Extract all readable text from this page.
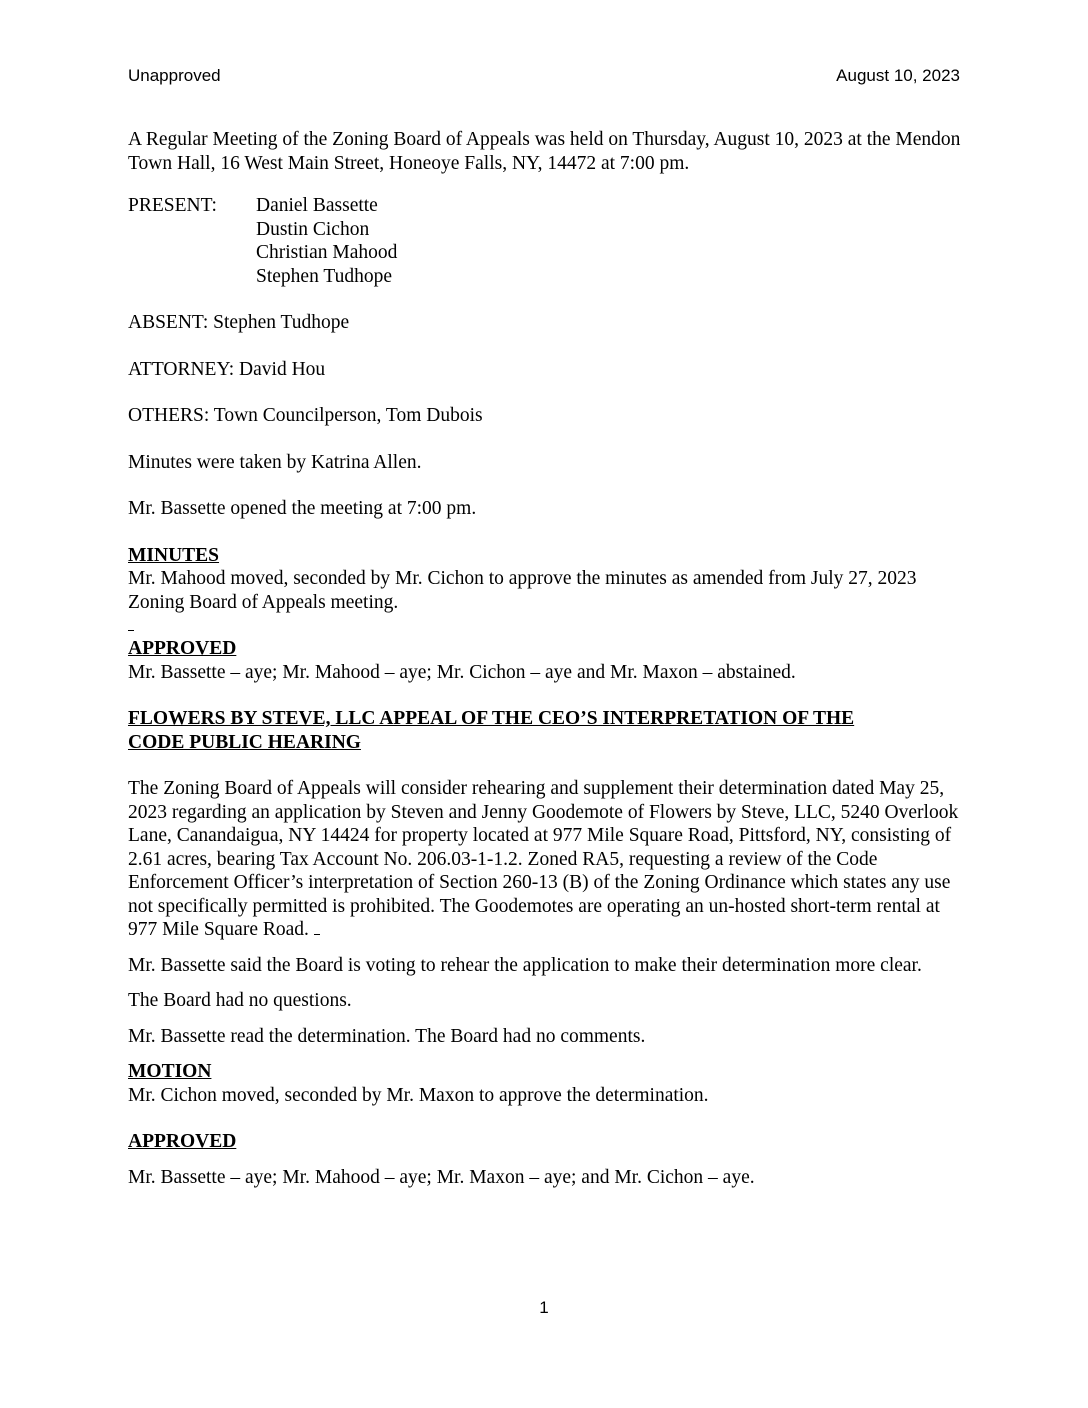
Unapproved	August 10, 2023

A Regular Meeting of the Zoning Board of Appeals was held on Thursday, August 10, 2023 at the Mendon Town Hall, 16 West Main Street, Honeoye Falls, NY, 14472 at 7:00 pm.

PRESENT:	Daniel Bassette
Dustin Cichon
Christian Mahood
Stephen Tudhope

ABSENT: Stephen Tudhope

ATTORNEY: David Hou

OTHERS: Town Councilperson, Tom Dubois

Minutes were taken by Katrina Allen.

Mr. Bassette opened the meeting at 7:00 pm.

MINUTES

Mr. Mahood moved, seconded by Mr. Cichon to approve the minutes as amended from July 27, 2023 Zoning Board of Appeals meeting.

APPROVED

Mr. Bassette – aye; Mr. Mahood – aye; Mr. Cichon – aye and Mr. Maxon – abstained.

FLOWERS BY STEVE, LLC APPEAL OF THE CEO’S INTERPRETATION OF THE

CODE PUBLIC HEARING

The Zoning Board of Appeals will consider rehearing and supplement their determination dated May 25, 2023 regarding an application by Steven and Jenny Goodemote of Flowers by Steve, LLC, 5240 Overlook Lane, Canandaigua, NY 14424 for property located at 977 Mile Square Road, Pittsford, NY, consisting of 2.61 acres, bearing Tax Account No. 206.03-1-1.2. Zoned RA5, requesting a review of the Code Enforcement Officer’s interpretation of Section 260-13 (B) of the Zoning Ordinance which states any use not specifically permitted is prohibited. The Goodemotes are operating an un-hosted short-term rental at 977 Mile Square Road.

Mr. Bassette said the Board is voting to rehear the application to make their determination more clear.

The Board had no questions.

Mr. Bassette read the determination. The Board had no comments.

MOTION

Mr. Cichon moved, seconded by Mr. Maxon to approve the determination.

APPROVED

Mr. Bassette – aye; Mr. Mahood – aye; Mr. Maxon – aye; and Mr. Cichon – aye.

1
